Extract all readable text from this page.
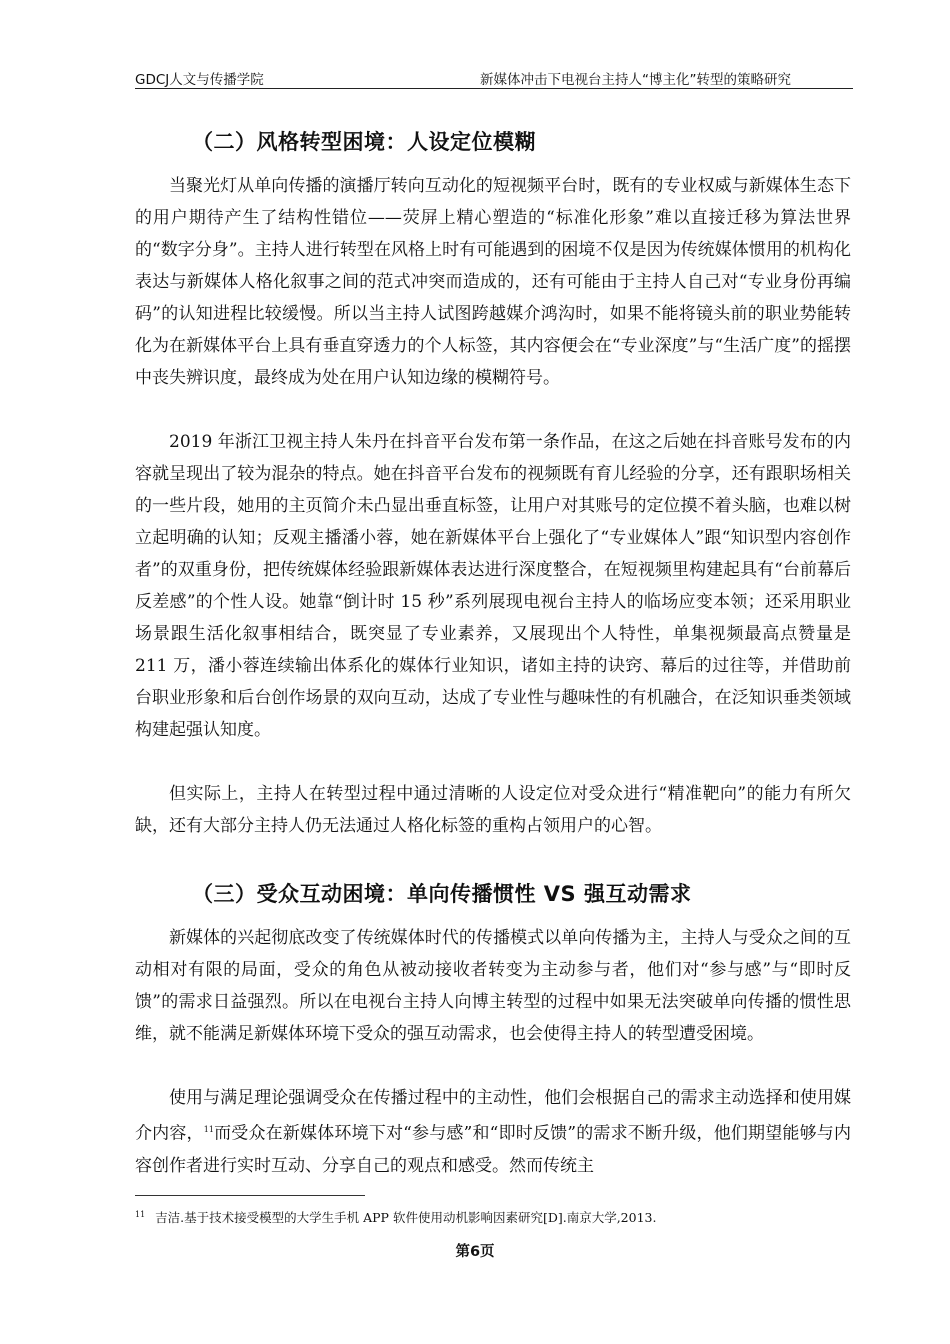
GDCJ人文与传播学院	新媒体冲击下电视台主持人“博主化”转型的策略研究
（二）风格转型困境：人设定位模糊

当聚光灯从单向传播的演播厅转向互动化的短视频平台时，既有的专业权威与新媒体生态下的用户期待产生了结构性错位——荧屏上精心塑造的“标准化形象”难以直接迁移为算法世界的“数字分身”。主持人进行转型在风格上时有可能遇到的困境不仅是因为传统媒体惯用的机构化表达与新媒体人格化叙事之间的范式冲突而造成的，还有可能由于主持人自己对“专业身份再编码”的认知进程比较缓慢。所以当主持人试图跨越媒介鸿沟时，如果不能将镜头前的职业势能转化为在新媒体平台上具有垂直穿透力的个人标签，其内容便会在“专业深度”与“生活广度”的摇摆中丧失辨识度，最终成为处在用户认知边缘的模糊符号。

2019 年浙江卫视主持人朱丹在抖音平台发布第一条作品，在这之后她在抖音账号发布的内容就呈现出了较为混杂的特点。她在抖音平台发布的视频既有育儿经验的分享，还有跟职场相关的一些片段，她用的主页简介未凸显出垂直标签，让用户对其账号的定位摸不着头脑，也难以树立起明确的认知；反观主播潘小蓉，她在新媒体平台上强化了“专业媒体人”跟“知识型内容创作者”的双重身份，把传统媒体经验跟新媒体表达进行深度整合，在短视频里构建起具有“台前幕后反差感”的个性人设。她靠“倒计时 15 秒”系列展现电视台主持人的临场应变本领；还采用职业场景跟生活化叙事相结合，既突显了专业素养，又展现出个人特性，单集视频最高点赞量是 211 万，潘小蓉连续输出体系化的媒体行业知识，诸如主持的诀窍、幕后的过往等，并借助前台职业形象和后台创作场景的双向互动，达成了专业性与趣味性的有机融合，在泛知识垂类领域构建起强认知度。

但实际上，主持人在转型过程中通过清晰的人设定位对受众进行“精准靶向”的能力有所欠缺，还有大部分主持人仍无法通过人格化标签的重构占领用户的心智。

（三）受众互动困境：单向传播惯性 VS 强互动需求

新媒体的兴起彻底改变了传统媒体时代的传播模式以单向传播为主，主持人与受众之间的互动相对有限的局面，受众的角色从被动接收者转变为主动参与者，他们对“参与感”与“即时反馈”的需求日益强烈。所以在电视台主持人向博主转型的过程中如果无法突破单向传播的惯性思维，就不能满足新媒体环境下受众的强互动需求，也会使得主持人的转型遭受困境。

使用与满足理论强调受众在传播过程中的主动性，他们会根据自己的需求主动选择和使用媒介内容，$^{11}$而受众在新媒体环境下对“参与感”和“即时反馈”的需求不断升级，他们期望能够与内容创作者进行实时互动、分享自己的观点和感受。然而传统主

$^{11}$ 吉洁.基于技术接受模型的大学生手机 APP 软件使用动机影响因素研究[D].南京大学,2013.
第6页
